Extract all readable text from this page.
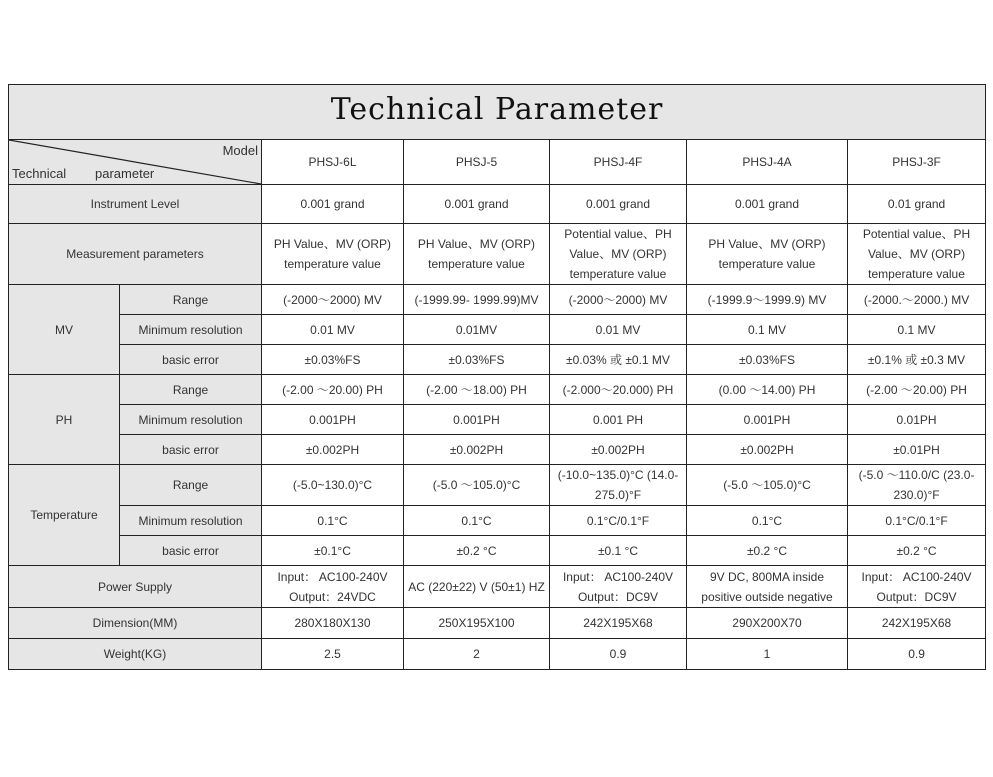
Technical Parameter						

Model
Technical parameter		PHSJ-6L	PHSJ-5	PHSJ-4F	PHSJ-4A	PHSJ-3F
Instrument Level		0.001 grand	0.001 grand	0.001 grand	0.001 grand	0.01 grand
Measurement parameters		PH Value、MV (ORP) temperature value	PH Value、MV (ORP) temperature value	Potential value、PH Value、MV (ORP) temperature value	PH Value、MV (ORP) temperature value	Potential value、PH Value、MV (ORP) temperature value
MV	Range	(-2000～2000) MV	(-1999.99- 1999.99)MV	(-2000～2000) MV	(-1999.9～1999.9) MV	(-2000.～2000.) MV
	Minimum resolution	0.01 MV	0.01MV	0.01 MV	0.1 MV	0.1 MV
	basic error	±0.03%FS	±0.03%FS	±0.03% 或 ±0.1 MV	±0.03%FS	±0.1% 或 ±0.3 MV
PH	Range	(-2.00 ～20.00) PH	(-2.00 ～18.00) PH	(-2.000～20.000) PH	(0.00 ～14.00) PH	(-2.00 ～20.00) PH
	Minimum resolution	0.001PH	0.001PH	0.001 PH	0.001PH	0.01PH
	basic error	±0.002PH	±0.002PH	±0.002PH	±0.002PH	±0.01PH
Temperature	Range	(-5.0~130.0)°C	(-5.0 ～105.0)°C	(-10.0~135.0)°C (14.0-275.0)°F	(-5.0 ～105.0)°C	(-5.0 ～110.0/C (23.0-230.0)°F
	Minimum resolution	0.1°C	0.1°C	0.1°C/0.1°F	0.1°C	0.1°C/0.1°F
	basic error	±0.1°C	±0.2 °C	±0.1 °C	±0.2 °C	±0.2 °C
Power Supply		Input： AC100-240V Output：24VDC	AC (220±22) V (50±1) HZ	Input： AC100-240V Output：DC9V	9V DC, 800MA inside positive outside negative	Input： AC100-240V Output：DC9V
Dimension(MM)		280X180X130	250X195X100	242X195X68	290X200X70	242X195X68
Weight(KG)		2.5	2	0.9	1	0.9
